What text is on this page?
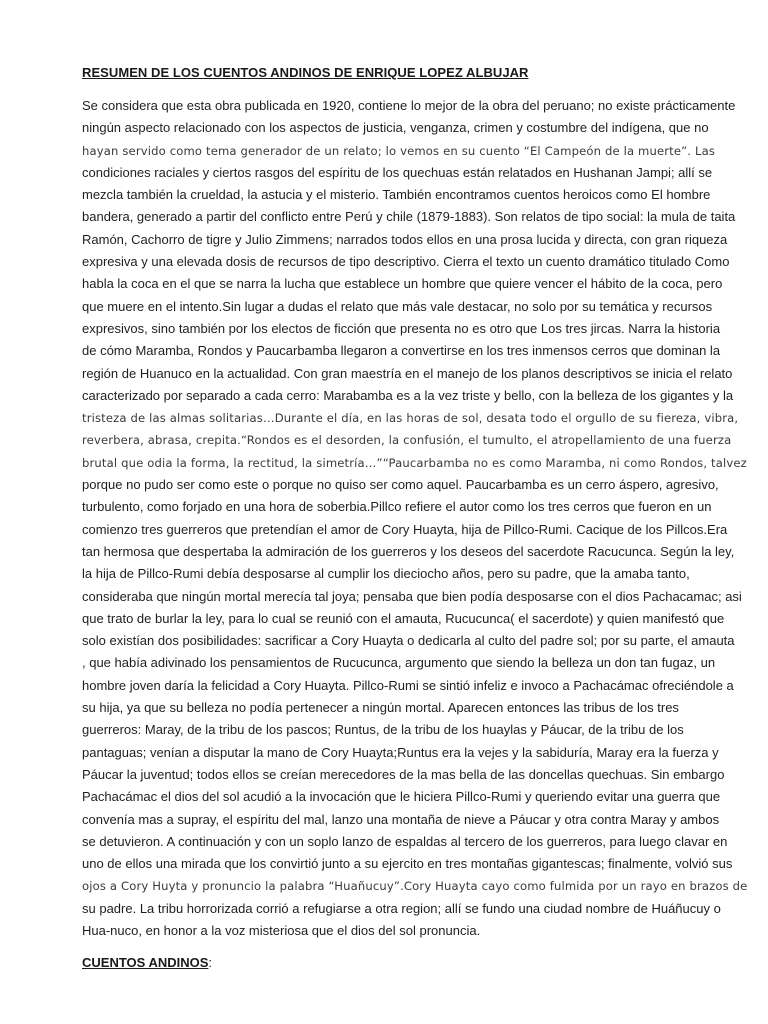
RESUMEN DE LOS CUENTOS ANDINOS DE ENRIQUE LOPEZ ALBUJAR
Se considera que esta obra publicada en 1920, contiene lo mejor de la obra del peruano; no existe prácticamente
ningún aspecto relacionado con los aspectos de justicia, venganza, crimen y costumbre del indígena, que no
hayan servido como tema generador de un relato; lo vemos en su cuento “El Campeón de la muerte”. Las
condiciones raciales y ciertos rasgos del espíritu de los quechuas están relatados en Hushanan Jampi; allí se
mezcla también la crueldad, la astucia y el misterio. También encontramos cuentos heroicos como El hombre
bandera, generado a partir del conflicto entre Perú y chile (1879-1883). Son relatos de tipo social: la mula de taita
Ramón, Cachorro de tigre y Julio Zimmens; narrados todos ellos en una prosa lucida y directa, con gran riqueza
expresiva y una elevada dosis de recursos de tipo descriptivo. Cierra el texto un cuento dramático titulado Como
habla la coca en el que se narra la lucha que establece un hombre que quiere vencer el hábito de la coca, pero
que muere en el intento.Sin lugar a dudas el relato que más vale destacar, no solo por su temática y recursos
expresivos, sino también por los electos de ficción que presenta no es otro que Los tres jircas. Narra la historia
de cómo Maramba, Rondos y Paucarbamba llegaron a convertirse en los tres inmensos cerros que dominan la
región de Huanuco en la actualidad. Con gran maestría en el manejo de los planos descriptivos se inicia el relato
caracterizado por separado a cada cerro: Marabamba es a la vez triste y bello, con la belleza de los gigantes y la
tristeza de las almas solitarias…Durante el día, en las horas de sol, desata todo el orgullo de su fiereza, vibra,
reverbera, abrasa, crepita.“Rondos es el desorden, la confusión, el tumulto, el atropellamiento de una fuerza
brutal que odia la forma, la rectitud, la simetría…”“Paucarbamba no es como Maramba, ni como Rondos, talvez
porque no pudo ser como este o porque no quiso ser como aquel. Paucarbamba es un cerro áspero, agresivo,
turbulento, como forjado en una hora de soberbia.Pillco refiere el autor como los tres cerros que fueron en un
comienzo tres guerreros que pretendían el amor de Cory Huayta, hija de Pillco-Rumi. Cacique de los Pillcos.Era
tan hermosa que despertaba la admiración de los guerreros y los deseos del sacerdote Racucunca. Según la ley,
la hija de Pillco-Rumi debía desposarse al cumplir los dieciocho años, pero su padre, que la amaba tanto,
consideraba que ningún mortal merecía tal joya; pensaba que bien podía desposarse con el dios Pachacamac; asi
que trato de burlar la ley, para lo cual se reunió con el amauta, Rucucunca( el sacerdote) y quien manifestó que
solo existían dos posibilidades: sacrificar a Cory Huayta o dedicarla al culto del padre sol; por su parte, el amauta
, que había adivinado los pensamientos de Rucucunca, argumento que siendo la belleza un don tan fugaz, un
hombre joven daría la felicidad a Cory Huayta. Pillco-Rumi se sintió infeliz e invoco a Pachacámac ofreciéndole a
su hija, ya que su belleza no podía pertenecer a ningún mortal. Aparecen entonces las tribus de los tres
guerreros: Maray, de la tribu de los pascos; Runtus, de la tribu de los huaylas y Páucar, de la tribu de los
pantaguas; venían a disputar la mano de Cory Huayta;Runtus era la vejes y la sabiduría, Maray era la fuerza y
Páucar la juventud; todos ellos se creían merecedores de la mas bella de las doncellas quechuas. Sin embargo
Pachacámac el dios del sol acudió a la invocación que le hiciera Pillco-Rumi y queriendo evitar una guerra que
convenía mas a supray, el espíritu del mal, lanzo una montaña de nieve a Páucar y otra contra Maray y ambos
se detuvieron. A continuación y con un soplo lanzo de espaldas al tercero de los guerreros, para luego clavar en
uno de ellos una mirada que los convirtió junto a su ejercito en tres montañas gigantescas; finalmente, volvió sus
ojos a Cory Huyta y pronuncio la palabra “Huañucuy”.Cory Huayta cayo como fulmida por un rayo en brazos de
su padre. La tribu horrorizada corrió a refugiarse a otra region; allí se fundo una ciudad nombre de Huáñucuy o
Hua-nuco, en honor a la voz misteriosa que el dios del sol pronuncia.
CUENTOS ANDINOS:
